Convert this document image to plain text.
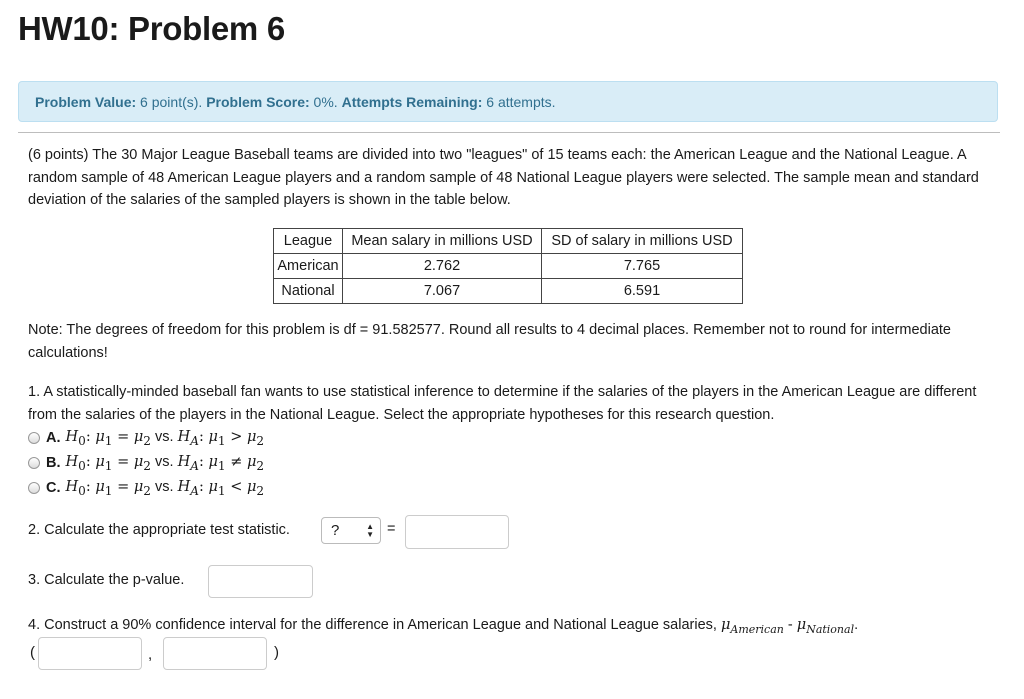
HW10: Problem 6
Problem Value: 6 point(s). Problem Score: 0%. Attempts Remaining: 6 attempts.
(6 points) The 30 Major League Baseball teams are divided into two "leagues" of 15 teams each: the American League and the National League. A random sample of 48 American League players and a random sample of 48 National League players were selected. The sample mean and standard deviation of the salaries of the sampled players is shown in the table below.
League	Mean salary in millions USD	SD of salary in millions USD
American	2.762	7.765
National	7.067	6.591
Note: The degrees of freedom for this problem is df = 91.582577. Round all results to 4 decimal places. Remember not to round for intermediate calculations!
1. A statistically-minded baseball fan wants to use statistical inference to determine if the salaries of the players in the American League are different from the salaries of the players in the National League. Select the appropriate hypotheses for this research question.
A. $H_0$: $\mu_1 = \mu_2$ vs. $H_A$: $\mu_1 > \mu_2$
B. $H_0$: $\mu_1 = \mu_2$ vs. $H_A$: $\mu_1 \ne \mu_2$
C. $H_0$: $\mu_1 = \mu_2$ vs. $H_A$: $\mu_1 < \mu_2$
2. Calculate the appropriate test statistic.	?	▲
▼ =
3. Calculate the p-value.
4. Construct a 90% confidence interval for the difference in American League and National League salaries, $\mu_{American} - \mu_{National}$.
(	,	)
